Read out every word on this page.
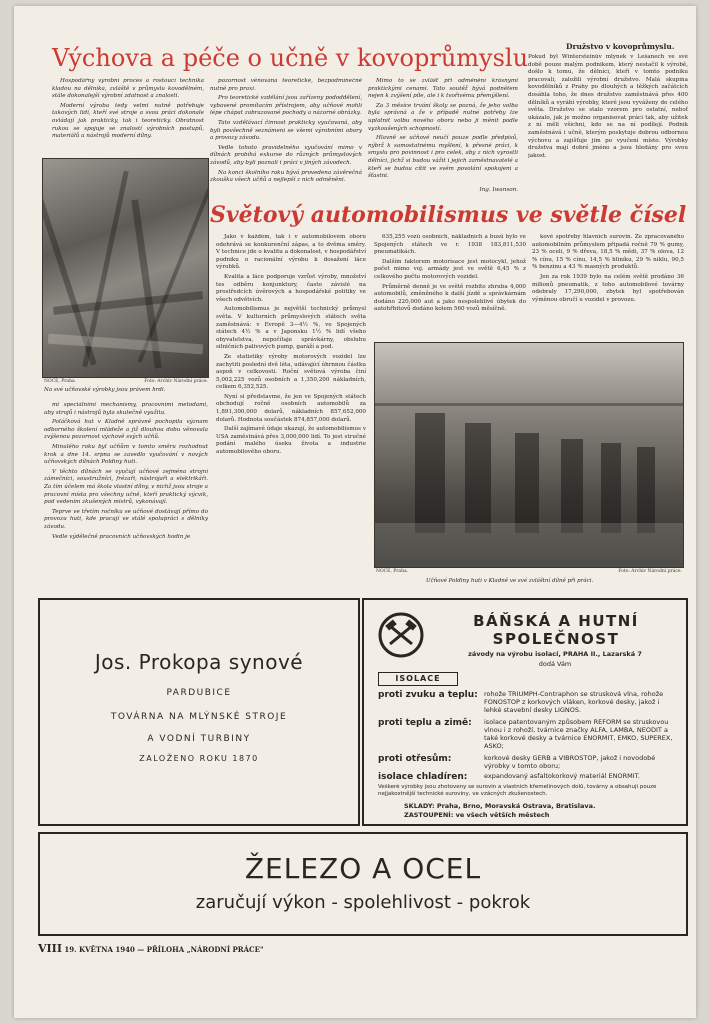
Výchova a péče o učně v kovoprůmyslu

Hospodářný výrobní proces a rostoucí technika kladou na dělníka, zvláště v průmyslu kovodělném, stále dokonalejší výrobní zdatnost a znalosti.

Moderní výroba tedy velmi nutně potřebuje takových lidí, kteří své stroje a svou práci dokonale ovládají jak prakticky, tak i teoreticky. Obratnost rukou se spojuje se znalostí výrobních postupů, materiálů a nástrojů moderní dílny.

pozornost věnována teoretické, bezpodmínečně nutné pro praxi.

Pro teoretické vzdělání jsou zařízeny pododdělení, vybavené promítacím přístrojem, aby učňové mohli lépe chápat zobrazované pochody a názorné obrázky.

Tato vzdělávací činnost prakticky vyučovaná, aby byli povšechně seznámeni se všemi výrobními obory a provozy závodu.

Vedle tohoto pravidelného vyučování mimo v dílnách probíhá exkurse do různých průmyslových závodů, aby byli poznali i práci v jiných závodech.

Na konci školního roku bývá provedena závěrečná zkouška všech učňů a nejlepší z nich odměněni.

Mimo to se zvlášť při odměnění krásnými praktickými cenami. Tato soutěž bývá podnětem nejen k zvýšení píle, ale i k tvořivému přemýšlení.

Za 3 měsíce trvání školy se pozná, že jeho volba byla správná a že v případě nutné potřeby lze uplatnit volbu nového oboru nebo ji měnit podle vyzkoušených schopností.

Hlavně se učňové neučí pouze podle předpisů, nýbrž k samostatnému myšlení, k přesné práci, k smyslu pro povinnost i pro celek, aby z nich vyrostli dělníci, jichž si budou vážit i jejich zaměstnavatelé a kteří se budou cítit ve svém povolání spokojeni a šťastni.

Ing. Iwanson.
Družstvo v kovoprůmyslu.
Pokud byl Wintersteinův mlýnek v Lešanech ve své době pouze malým podnikem, který nestačil k výrobě, došlo k tomu, že dělníci, kteří v tomto podniku pracovali, založili výrobní družstvo. Malá skupina kovodělníků z Prahy po dlouhých a těžkých začátcích dosáhla toho, že dnes družstvo zaměstnává přes 400 dělníků a vyrábí výrobky, které jsou vyváženy do celého světa. Družstvo se stalo vzorem pro ostatní, neboť ukázalo, jak je možno organisovat práci tak, aby užitek z ní měli všichni, kdo se na ní podílejí. Podnik zaměstnává i učně, kterým poskytuje dobrou odbornou výchovu a zajišťuje jim po vyučení místo. Výrobky družstva mají dobré jméno a jsou hledány pro svou jakost.
NOCE, Praha.	Foto: Archiv Národní práce.
Na své učňovské výrobky jsou právem hrdi.

mi speciálními mechanismy, pracovními metodami, aby strojů i nástrojů byla skutečně využita.

Poláčková hut v Kladně správně pochopila význam odborného školení mládeže a již dlouhou dobu věnovala zvýšenou pozornost výchově svých učňů.

Minulého roku byl učňům v tomto směru rozhodnut krok a dne 14. srpna se zavedlo vyučování v nových učňovských dílnách Poldiny huti.

V těchto dílnách se vyučují učňové zejména strojní zámečníci, soustružníci, frézaři, nástrojaři a elektrikáři. Za tím účelem má škola vlastní dílny, v nichž jsou stroje a pracovní místa pro všechny učně, kteří praktický výcvik, pod vedením zkušených mistrů, vykonávají.

Teprve ve třetím ročníku se učňové dostávají přímo do provozu huti, kde pracují ve stálé spolupráci s dělníky závodu.

Vedle výdělečně pracovních učňovských hodin je

Světový automobilismus ve světle čísel

Jako v každém, tak i v automobilovém oboru odehrává se konkurenční zápas, a to dvěma směry. V technice jde o kvalitu a dokonalost, v hospodářství podniku o racionální výrobu k dosažení láce výrobků.

Kvalita a láce podporuje vzrůst výroby, množství tes odběru konjunktury, často závislé na prostředcích úvěrových a hospodářské politiky ve všech odvětvích.

Automobilismus je největší technický průmysl světa. V kulturních průmyslových státech světa zaměstnává: v Evropě 3—4½ %, ve Spojených státech 4½ % a v Japonsku 1½ % lidí všeho obyvatelstva, nepočítaje správkárny, obsluhu silničních palivových pump, garáží a pod.

Ze statistiky výroby motorových vozidel lze zachytiti poslední dvě léta, udávající úhrnnou částku aspoň v celkovosti. Roční světová výroba činí 5,002,225 vozů osobních a 1,350,200 nákladních, celkem 6,352,525.

Nyní si představme, že jen ve Spojených státech obchodují ročně osobních automobilů za 1,891,300,000 dolarů, nákladních 857,652,000 dolarů. Hodnota součástek 874,857,000 dolarů.

Další zajímavé údaje ukazují, že automobilismus v USA zaměstnává přes 3,000,000 lidí. To jest stručné podání malého úseku života a industrie automobilového oboru.

635,255 vozů osobních, nákladních a busů bylo ve Spojených státech ve r. 1938 183,811,530 pneumatikách.

Dalším faktorem motorisace jest motocykl, jehož počet mimo voj. armády jest ve světě 6,45 % z celkového počtu motorových vozidel.

Průměrně denně je ve světě rozbito zhruba 4,000 automobilů, změněného k další jízdě a správkárnám dodáno 220,000 aut a jako nespolehlivé úbytek do autohřbitovů dodáno kolem 560 vozů měsíčně.

kové spotřeby hlavních surovin. Ze zpracovaného automobilním průmyslem připadá ročně 79 % gumy, 23 % oceli, 9 % dřeva, 18,5 % mědi, 37 % olova, 12 % cínu, 15 % cínu, 14,5 % hliníku, 29 % niklu, 90,5 % benzinu a 43 % masných produktů.

Jen za rok 1939 bylo na celém světě prodáno 36 milionů pneumatik, z toho automobilové továrny odebraly 17,290,000, zbytek byl spotřebován výměnou obručí u vozidel v provozu.

NOCE, Praha.	Foto: Archiv Národní práce.
Učňové Poldiny huti v Kladně ve své zvláštní dílně při práci.
Jos. Prokopa synové
PARDUBICE
TOVÁRNA NA MLÝNSKÉ STROJE
A VODNÍ TURBINY
ZALOŽENO ROKU 1870
BÁŇSKÁ A HUTNÍ
SPOLEČNOST
závody na výrobu isolací, PRAHA II., Lazarská 7
dodá Vám
ISOLACE
proti zvuku a teplu: rohože TRIUMPH-Contraphon se strusková vlna, rohože FONOSTOP z korkových vláken, korkové desky, jakož i lehké stavební desky LIGNOS.
proti teplu a zimě: isolace patentovaným způsobem REFORM se struskovou vlnou i z rohoží, tvárnice značky ALFA, LAMBA, NEODIT a také korkové desky a tvárnice ENORMIT, EMKO, SUPEREX, ASKO;
proti otřesům:	korkové desky GERB a VIBROSTOP, jakož i novodobé výrobky v tomto oboru;
isolace chladíren:	expandovaný asfaltokorkový materiál ENORMIT.
Veškeré výrobky jsou zhotoveny se surovin a vlastních křemelinových dolů, továrny a obsahují pouze nejjakostnější technické suroviny, ve vzácných zkušenostech.
SKLADY: Praha, Brno, Moravská Ostrava, Bratislava.
ZASTOUPENÍ: ve všech větších městech
ŽELEZO A OCEL
zaručují výkon - spolehlivost - pokrok
VIII 19. KVĚTNA 1940 — PŘÍLOHA „NÁRODNÍ PRÁCE"
